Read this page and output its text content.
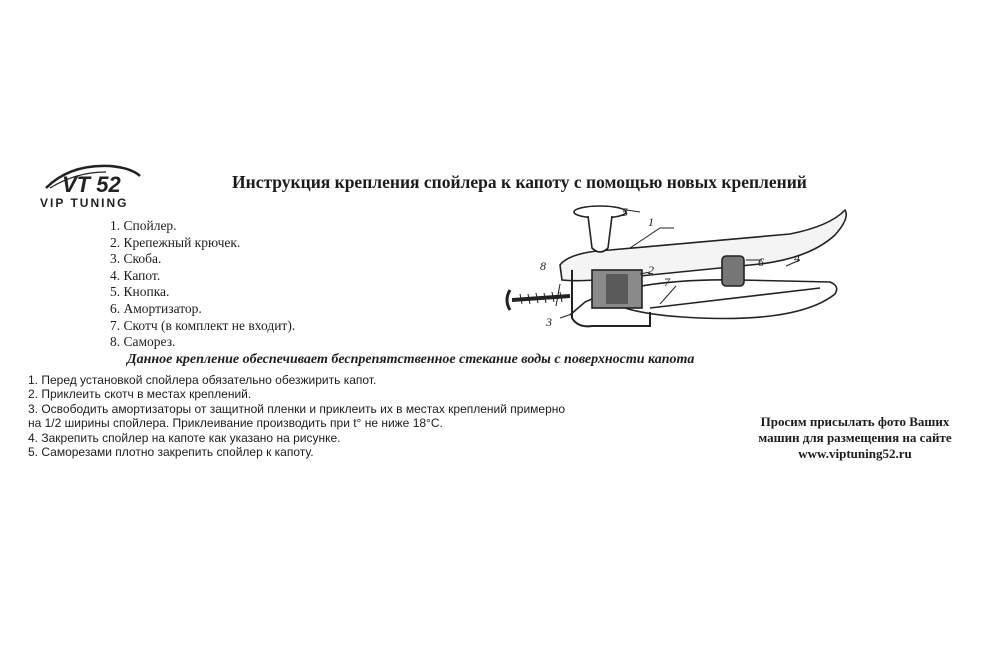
VT 52
VIP TUNING
Инструкция крепления спойлера к капоту с помощью новых креплений
1. Спойлер.
2. Крепежный крючек.
3. Скоба.
4. Капот.
5. Кнопка.
6. Амортизатор.
7. Скотч (в комплект не входит).
8. Саморез.
5
1
2
8
7
6	4
3
Данное крепление обеспечивает беспрепятственное стекание воды с поверхности капота
1. Перед установкой спойлера обязательно обезжирить капот.
2. Приклеить скотч в местах креплений.
3. Освободить амортизаторы от защитной пленки и приклеить их в местах креплений примерно
на 1/2 ширины спойлера. Приклеивание производить при t° не ниже 18°С.
4. Закрепить спойлер на капоте как указано на рисунке.
5. Саморезами плотно закрепить спойлер к капоту.
Просим присылать фото Ваших
машин для размещения на сайте
www.viptuning52.ru
